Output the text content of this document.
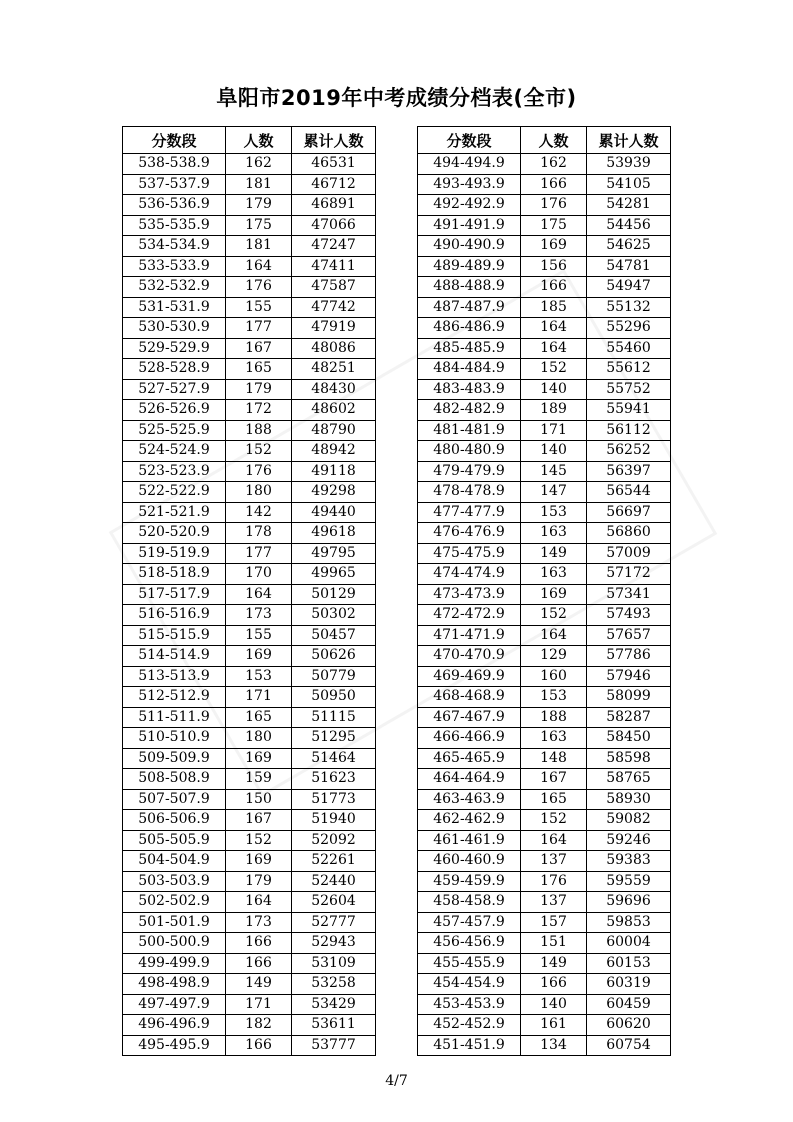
阜阳市2019年中考成绩分档表(全市)
分数段	人数	累计人数
538-538.9	162	46531
537-537.9	181	46712
536-536.9	179	46891
535-535.9	175	47066
534-534.9	181	47247
533-533.9	164	47411
532-532.9	176	47587
531-531.9	155	47742
530-530.9	177	47919
529-529.9	167	48086
528-528.9	165	48251
527-527.9	179	48430
526-526.9	172	48602
525-525.9	188	48790
524-524.9	152	48942
523-523.9	176	49118
522-522.9	180	49298
521-521.9	142	49440
520-520.9	178	49618
519-519.9	177	49795
518-518.9	170	49965
517-517.9	164	50129
516-516.9	173	50302
515-515.9	155	50457
514-514.9	169	50626
513-513.9	153	50779
512-512.9	171	50950
511-511.9	165	51115
510-510.9	180	51295
509-509.9	169	51464
508-508.9	159	51623
507-507.9	150	51773
506-506.9	167	51940
505-505.9	152	52092
504-504.9	169	52261
503-503.9	179	52440
502-502.9	164	52604
501-501.9	173	52777
500-500.9	166	52943
499-499.9	166	53109
498-498.9	149	53258
497-497.9	171	53429
496-496.9	182	53611
495-495.9	166	53777
分数段	人数	累计人数
494-494.9	162	53939
493-493.9	166	54105
492-492.9	176	54281
491-491.9	175	54456
490-490.9	169	54625
489-489.9	156	54781
488-488.9	166	54947
487-487.9	185	55132
486-486.9	164	55296
485-485.9	164	55460
484-484.9	152	55612
483-483.9	140	55752
482-482.9	189	55941
481-481.9	171	56112
480-480.9	140	56252
479-479.9	145	56397
478-478.9	147	56544
477-477.9	153	56697
476-476.9	163	56860
475-475.9	149	57009
474-474.9	163	57172
473-473.9	169	57341
472-472.9	152	57493
471-471.9	164	57657
470-470.9	129	57786
469-469.9	160	57946
468-468.9	153	58099
467-467.9	188	58287
466-466.9	163	58450
465-465.9	148	58598
464-464.9	167	58765
463-463.9	165	58930
462-462.9	152	59082
461-461.9	164	59246
460-460.9	137	59383
459-459.9	176	59559
458-458.9	137	59696
457-457.9	157	59853
456-456.9	151	60004
455-455.9	149	60153
454-454.9	166	60319
453-453.9	140	60459
452-452.9	161	60620
451-451.9	134	60754
4/7
